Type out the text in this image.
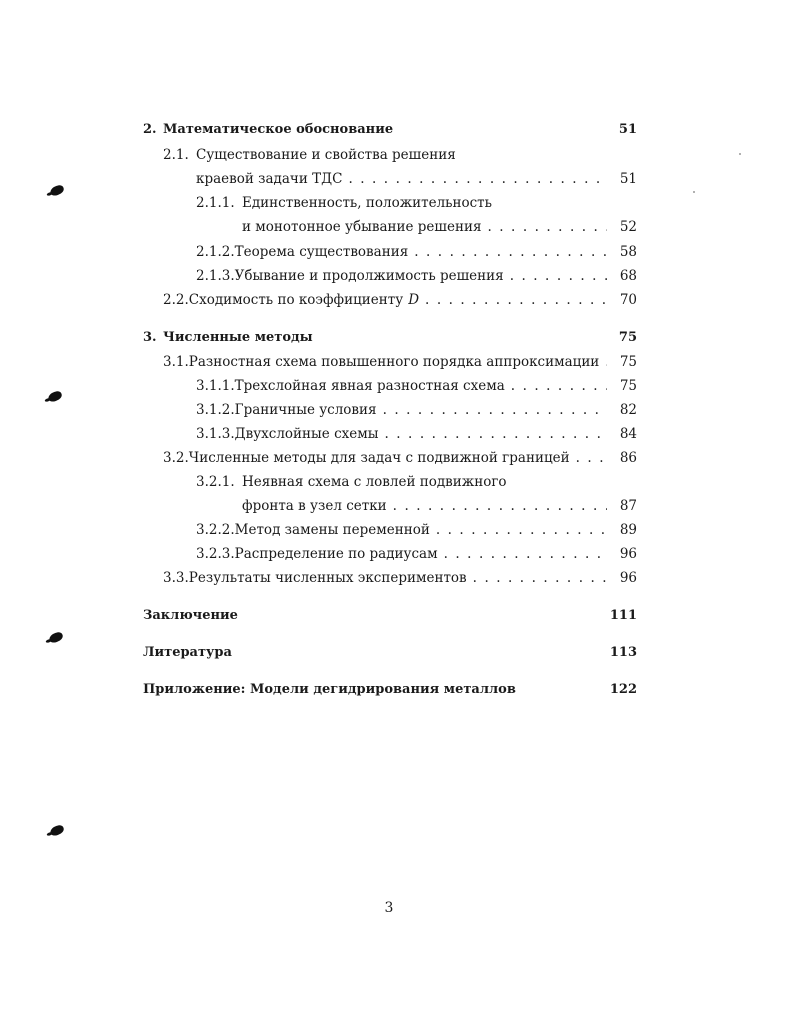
2. Математическое обоснование	51
2.1. Существование и свойства решения
краевой задачи ТДС . . .	51
2.1.1. Единственность, положительность
и монотонное убывание решения . . .	52
2.1.2. Теорема существования . . .	58
2.1.3. Убывание и продолжимость решения . . .	68
2.2. Сходимость по коэффициенту D . . .	70
3. Численные методы	75
3.1. Разностная схема повышенного порядка аппроксимации . . .	75
3.1.1. Трехслойная явная разностная схема . . .	75
3.1.2. Граничные условия . . .	82
3.1.3. Двухслойные схемы . . .	84
3.2. Численные методы для задач с подвижной границей . . .	86
3.2.1. Неявная схема с ловлей подвижного
фронта в узел сетки . . .	87
3.2.2. Метод замены переменной . . .	89
3.2.3. Распределение по радиусам . . .	96
3.3. Результаты численных экспериментов . . .	96
Заключение	111
Литература	113
Приложение: Модели дегидрирования металлов	122
3
